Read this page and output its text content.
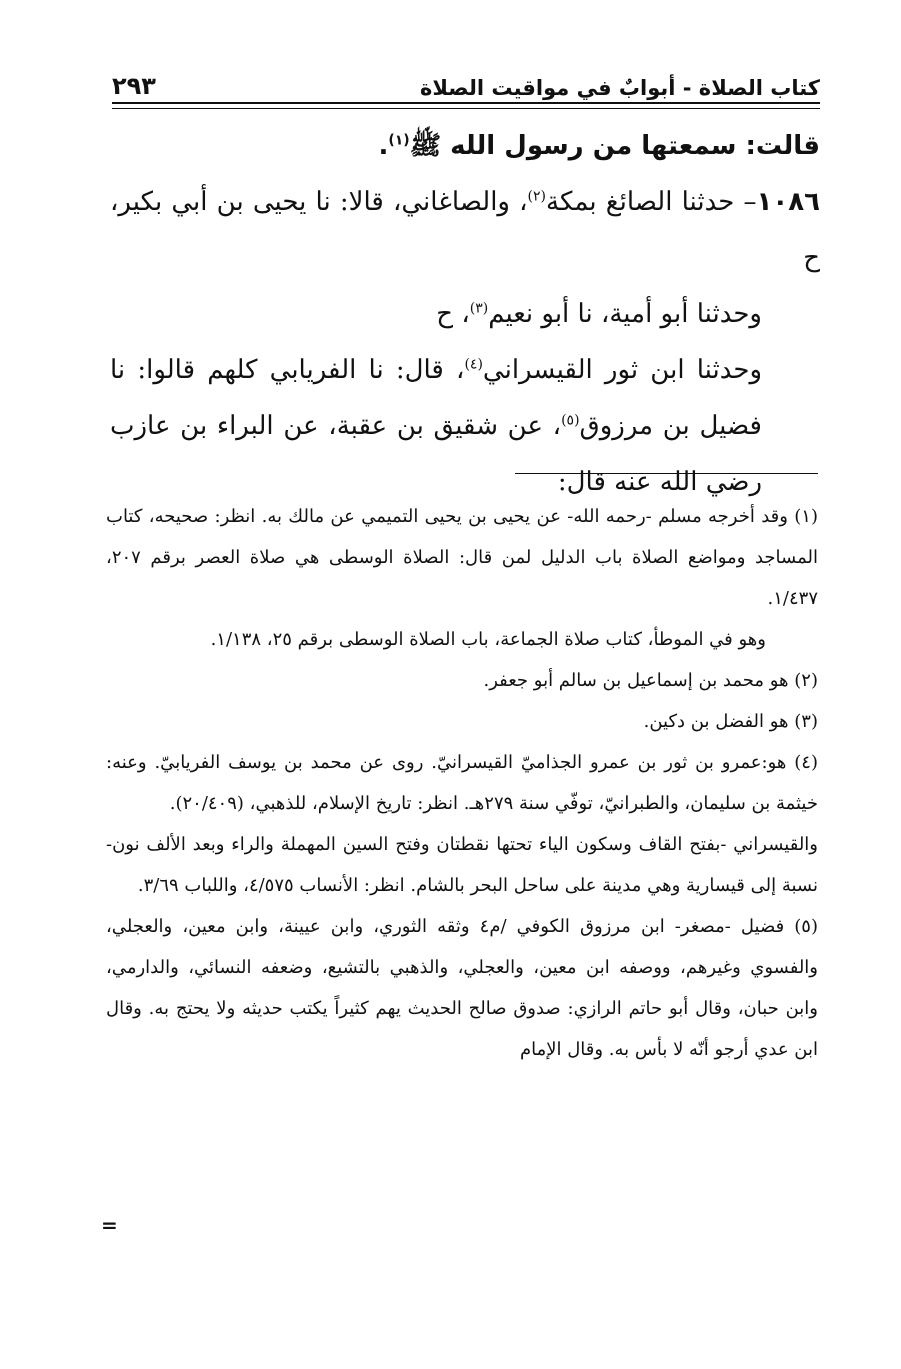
كتاب الصلاة - أبوابٌ في مواقيت الصلاة
٢٩٣

قالت: سمعتها من رسول الله ﷺ$^{(١)}$.

١٠٨٦– حدثنا الصائغ بمكة$^{(٢)}$، والصاغاني، قالا: نا يحيى بن أبي بكير، ح

وحدثنا أبو أمية، نا أبو نعيم$^{(٣)}$، ح

وحدثنا ابن ثور القيسراني$^{(٤)}$، قال: نا الفريابي كلهم قالوا: نا فضيل بن مرزوق$^{(٥)}$، عن شقيق بن عقبة، عن البراء بن عازب رضي الله عنه قال:

(١) وقد أخرجه مسلم -رحمه الله- عن يحيى بن يحيى التميمي عن مالك به. انظر: صحيحه، كتاب المساجد ومواضع الصلاة باب الدليل لمن قال: الصلاة الوسطى هي صلاة العصر برقم ٢٠٧، ١/٤٣٧.

وهو في الموطأ، كتاب صلاة الجماعة، باب الصلاة الوسطى برقم ٢٥، ١/١٣٨.

(٢) هو محمد بن إسماعيل بن سالم أبو جعفر.

(٣) هو الفضل بن دكين.

(٤) هو:عمرو بن ثور بن عمرو الجذاميّ القيسرانيّ. روى عن محمد بن يوسف الفريابيّ. وعنه: خيثمة بن سليمان، والطبرانيّ، توفّي سنة ٢٧٩هـ. انظر: تاريخ الإسلام، للذهبي، (٢٠/٤٠٩).

والقيسراني -بفتح القاف وسكون الياء تحتها نقطتان وفتح السين المهملة والراء وبعد الألف نون- نسبة إلى قيسارية وهي مدينة على ساحل البحر بالشام. انظر: الأنساب ٤/٥٧٥، واللباب ٣/٦٩.

(٥) فضيل -مصغر- ابن مرزوق الكوفي /م٤ وثقه الثوري، وابن عيينة، وابن معين، والعجلي، والفسوي وغيرهم، ووصفه ابن معين، والعجلي، والذهبي بالتشيع، وضعفه النسائي، والدارمي، وابن حبان، وقال أبو حاتم الرازي: صدوق صالح الحديث يهم كثيراً يكتب حديثه ولا يحتج به. وقال ابن عدي أرجو أنّه لا بأس به. وقال الإمام

=
